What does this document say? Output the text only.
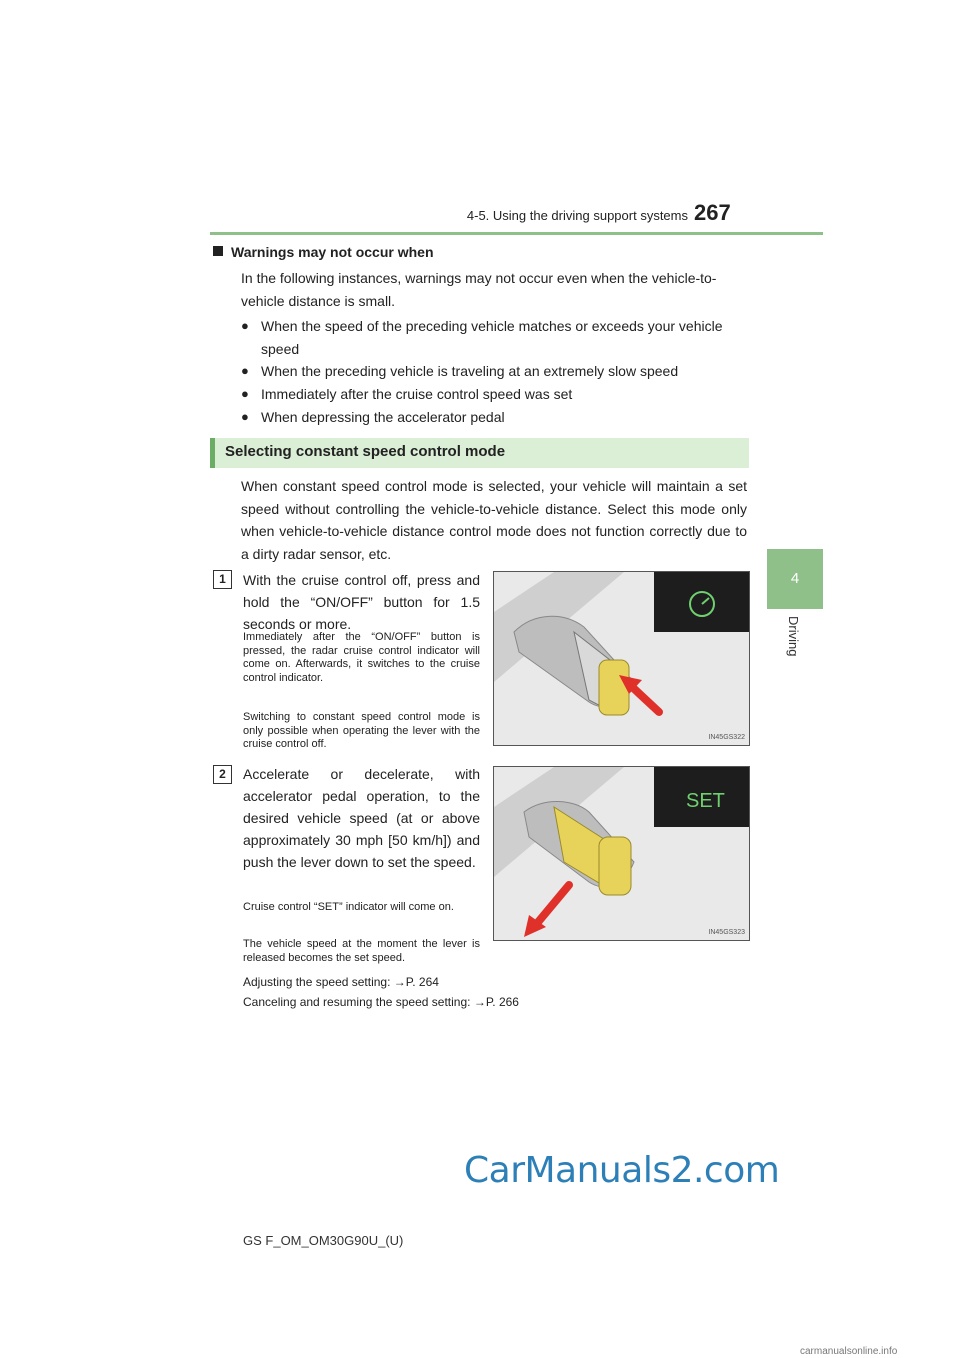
4-5. Using the driving support systems 267
4
Driving
Warnings may not occur when
In the following instances, warnings may not occur even when the vehicle-to-vehicle distance is small.
● When the speed of the preceding vehicle matches or exceeds your vehicle speed
● When the preceding vehicle is traveling at an extremely slow speed
● Immediately after the cruise control speed was set
● When depressing the accelerator pedal
Selecting constant speed control mode
When constant speed control mode is selected, your vehicle will maintain a set speed without controlling the vehicle-to-vehicle distance. Select this mode only when vehicle-to-vehicle distance control mode does not function correctly due to a dirty radar sensor, etc.
1	With the cruise control off, press and hold the “ON/OFF” button for 1.5 seconds or more.
Immediately after the “ON/OFF” button is pressed, the radar cruise control indicator will come on. Afterwards, it switches to the cruise control indicator.
Switching to constant speed control mode is only possible when operating the lever with the cruise control off.
IN45GS322
2	Accelerate or decelerate, with accelerator pedal operation, to the desired vehicle speed (at or above approximately 30 mph [50 km/h]) and push the lever down to set the speed.
Cruise control “SET” indicator will come on.
The vehicle speed at the moment the lever is released becomes the set speed.
SET
IN45GS323
Adjusting the speed setting: →P. 264
Canceling and resuming the speed setting: →P. 266
GS F_OM_OM30G90U_(U)
CarManuals2.com
carmanualsonline.info
